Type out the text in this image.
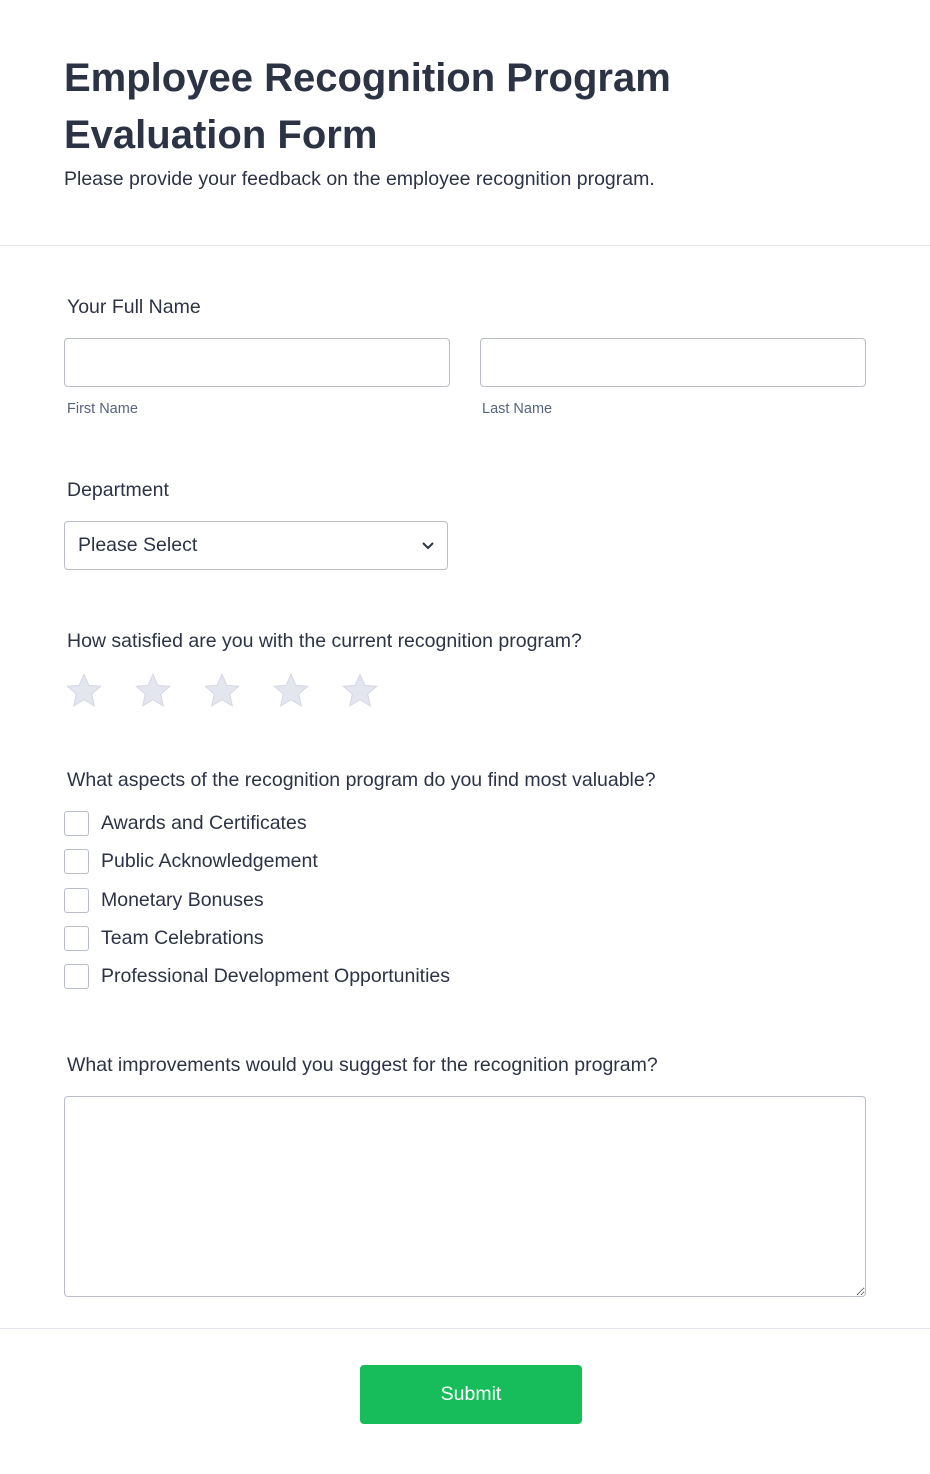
Employee Recognition Program Evaluation Form
Please provide your feedback on the employee recognition program.
Your Full Name
First Name	Last Name
Department
Please Select
How satisfied are you with the current recognition program?
What aspects of the recognition program do you find most valuable?
Awards and Certificates
Public Acknowledgement
Monetary Bonuses
Team Celebrations
Professional Development Opportunities
What improvements would you suggest for the recognition program?
Submit
